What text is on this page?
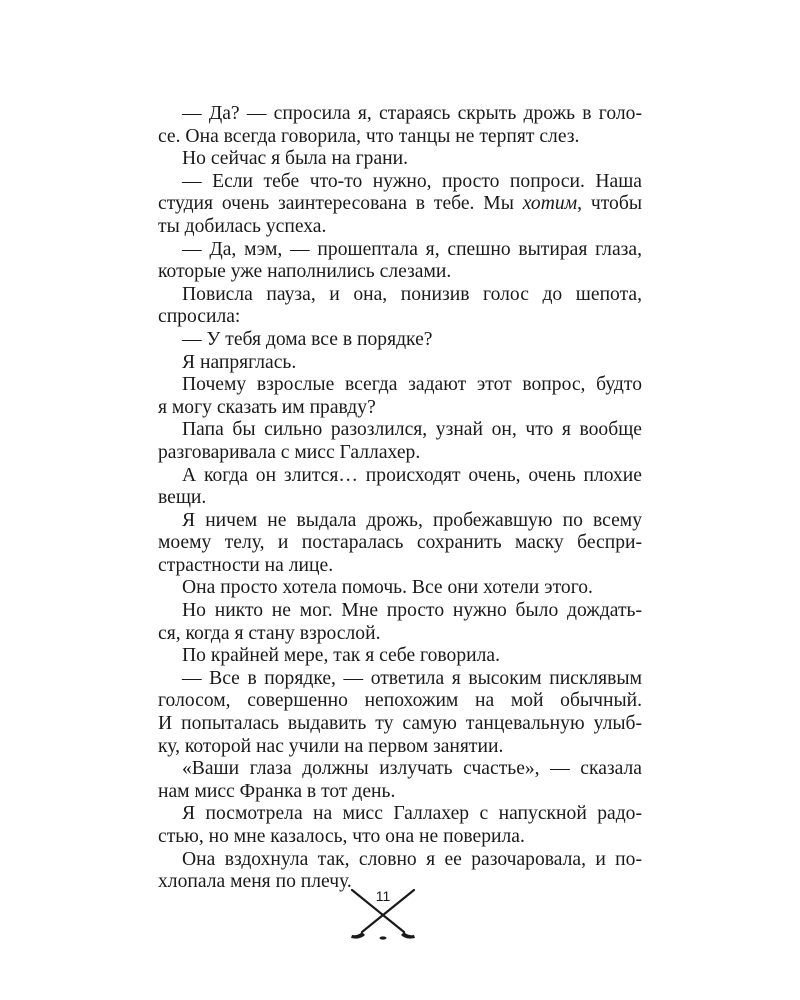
— Да? — спросила я, стараясь скрыть дрожь в голо-
се. Она всегда говорила, что танцы не терпят слез.
Но сейчас я была на грани.
— Если тебе что-то нужно, просто попроси. Наша
студия очень заинтересована в тебе. Мы хотим, чтобы
ты добилась успеха.
— Да, мэм, — прошептала я, спешно вытирая глаза,
которые уже наполнились слезами.
Повисла пауза, и она, понизив голос до шепота,
спросила:
— У тебя дома все в порядке?
Я напряглась.
Почему взрослые всегда задают этот вопрос, будто
я могу сказать им правду?
Папа бы сильно разозлился, узнай он, что я вообще
разговаривала с мисс Галлахер.
А когда он злится… происходят очень, очень плохие
вещи.
Я ничем не выдала дрожь, пробежавшую по всему
моему телу, и постаралась сохранить маску беспри-
страстности на лице.
Она просто хотела помочь. Все они хотели этого.
Но никто не мог. Мне просто нужно было дождать-
ся, когда я стану взрослой.
По крайней мере, так я себе говорила.
— Все в порядке, — ответила я высоким писклявым
голосом, совершенно непохожим на мой обычный.
И попыталась выдавить ту самую танцевальную улыб-
ку, которой нас учили на первом занятии.
«Ваши глаза должны излучать счастье», — сказала
нам мисс Франка в тот день.
Я посмотрела на мисс Галлахер с напускной радо-
стью, но мне казалось, что она не поверила.
Она вздохнула так, словно я ее разочаровала, и по-
хлопала меня по плечу.
11
